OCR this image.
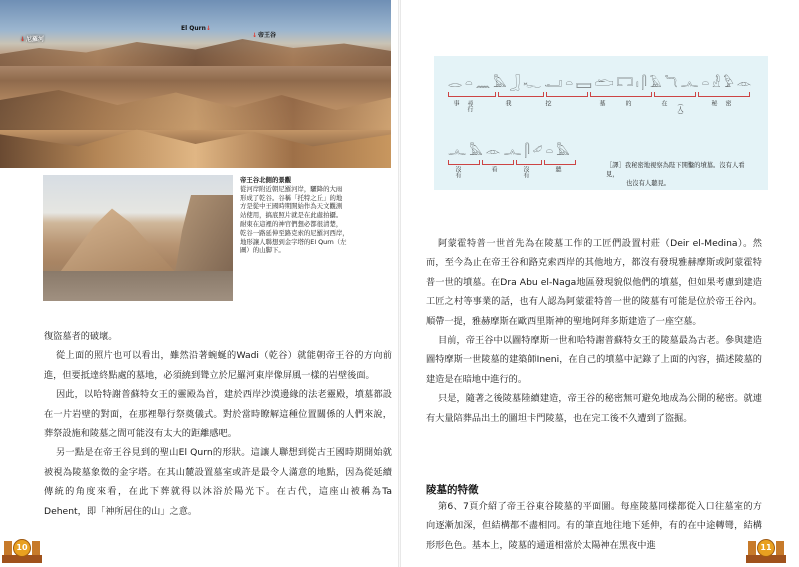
↓尼羅河
El Qurn↓
↓帝王谷
帝王谷北側的景觀
從河岸附近朝尼羅河岸，驪降的大雨
形成了乾谷。谷稱「托特之丘」的地
方是從中王國時期開始作為天文觀測
站使用，搞底照片就是在此處拍攝。
耐東在這裡的神官們想必都很清楚，
乾谷一路延伸至路克索的尼羅河西岸，
地形讓人聯想到金字塔的El Qurn（左
圖）的山脚下。

復盜墓者的破壞。

從上面的照片也可以看出，雖然沿著蜿蜒的Wadi（乾谷）就能朝帝王谷的方向前進，但要抵達終點處的墓地，必須繞到聳立於尼羅河東岸像屏風一樣的岩壁後面。

因此，以哈特謝普蘇特女王的靈殿為首，建於西岸沙漠邊緣的法老靈殿，墳墓都設在一片岩壁的對面，在那裡舉行祭奠儀式。對於當時瞭解這種位置關係的人們來說，葬祭設施和陵墓之間可能沒有太大的距離感吧。

另一點是在帝王谷見到的聖山El Qurn的形狀。這讓人聯想到從古王國時期開始就被視為陵墓象徵的金字塔。在其山麓設置墓室或許是最令人滿意的地點，因為從延續傳統的角度來看，在此下葬就得以沐浴於陽光下。在古代，這座山被稱為Ta Dehent，即「神所居住的山」之意。

10
𓂋 𓏏 𓈖 𓅓 𓃀 𓆑 𓂝 𓏏 𓈙 𓂧 𓉐 𓏤 𓋴 𓄿 𓆓 𓂜 𓏏 𓁐 𓅱 𓁹
事 尋行	我	挖	墓	的	在 （人）	秘 密
𓂜 𓅓 𓁹 𓂜 𓋴 𓄔 𓏏 𓅓
沒有	看	沒有	聽	［譯］我秘密地視察為陛下開鑿的墳墓。沒有人看見，
也沒有人聽見。

阿蒙霍特普一世首先為在陵墓工作的工匠們設置村莊（Deir el-Medina）。然而，至今為止在帝王谷和路克索西岸的其他地方，都沒有發現雅赫摩斯或阿蒙霍特普一世的墳墓。在Dra Abu el-Naga地區發現貌似他們的墳墓，但如果考慮到建造工匠之村等事業的話，也有人認為阿蒙霍特普一世的陵墓有可能是位於帝王谷內。順帶一提，雅赫摩斯在歐西里斯神的聖地阿拜多斯建造了一座空墓。

目前，帝王谷中以圖特摩斯一世和哈特謝普蘇特女王的陵墓最為古老。參與建造圖特摩斯一世陵墓的建築師Ineni，在自己的墳墓中記錄了上面的內容，描述陵墓的建造是在暗地中進行的。

只是，隨著之後陵墓陸續建造，帝王谷的秘密無可避免地成為公開的秘密。就連有大量陪葬品出土的圖坦卡門陵墓，也在完工後不久遭到了盜掘。

陵墓的特徵

第6、7頁介紹了帝王谷東谷陵墓的平面圖。每座陵墓同樣都從入口往墓室的方向逐漸加深，但結構都不盡相同。有的筆直地往地下延伸，有的在中途轉彎，結構形形色色。基本上，陵墓的通道相當於太陽神在黑夜中進	11
